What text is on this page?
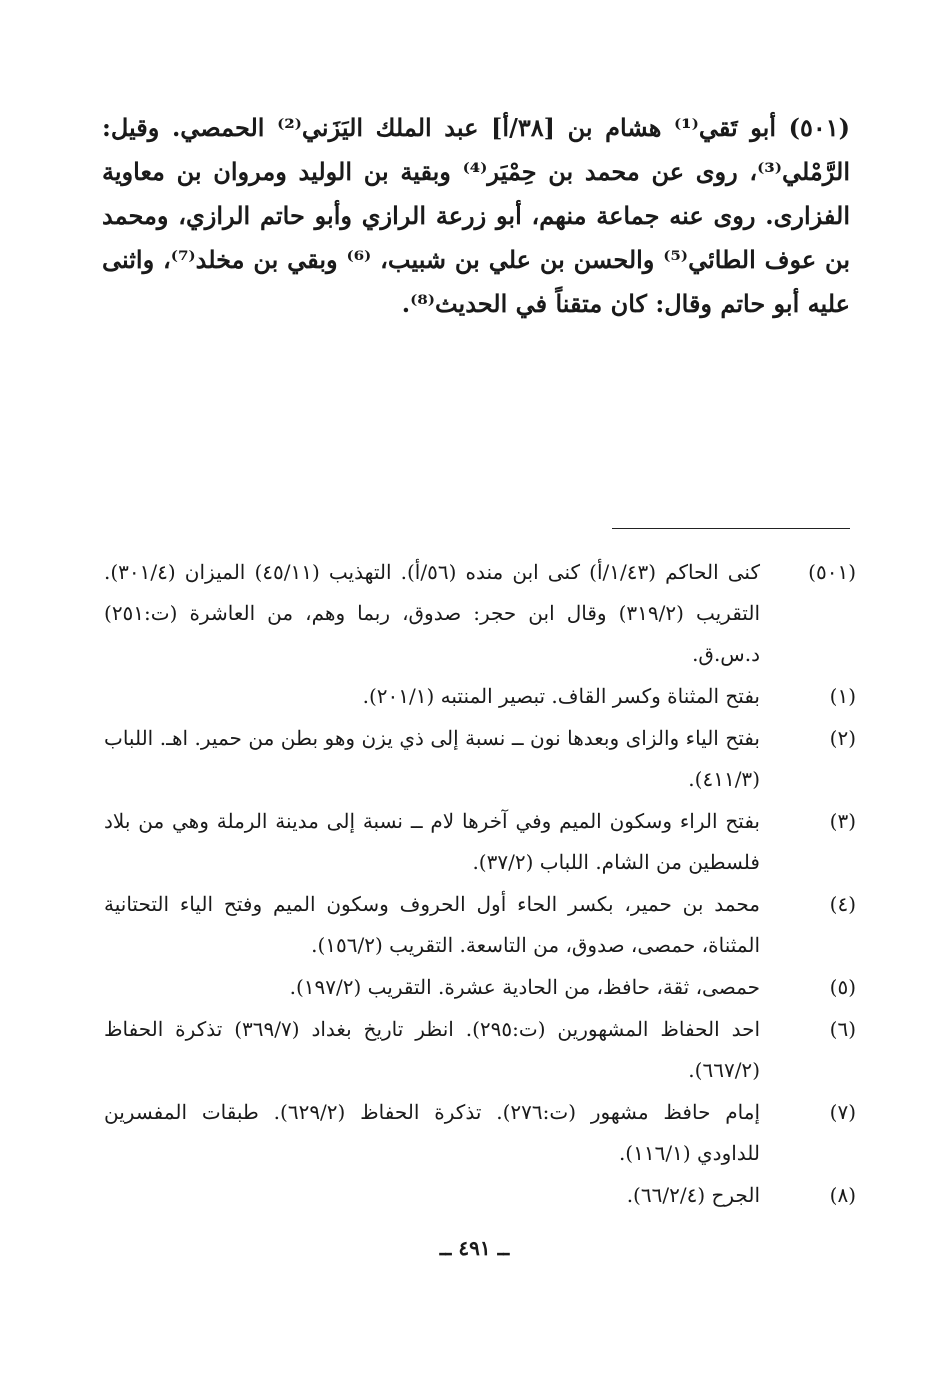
(٥٠١) أبو تَقي⁽¹⁾ هشام بن [٣٨/أ] عبد الملك اليَزَني⁽²⁾ الحمصي. وقيل: الرَّمْلي⁽³⁾، روى عن محمد بن حِمْيَر⁽⁴⁾ وبقية بن الوليد ومروان بن معاوية الفزارى. روى عنه جماعة منهم، أبو زرعة الرازي وأبو حاتم الرازي، ومحمد بن عوف الطائي⁽⁵⁾ والحسن بن علي بن شبيب، ⁽⁶⁾ وبقي بن مخلد⁽⁷⁾، واثنى عليه أبو حاتم وقال: كان متقناً في الحديث⁽⁸⁾.

(٥٠١)
كنى الحاكم (١/٤٣/أ) كنى ابن منده (٥٦/أ). التهذيب (٤٥/١١) الميزان (٣٠١/٤). التقريب (٣١٩/٢) وقال ابن حجر: صدوق، ربما وهم، من العاشرة (ت:٢٥١) د.س.ق.
(١)
بفتح المثناة وكسر القاف. تبصير المنتبه (٢٠١/١).
(٢)
بفتح الياء والزاى وبعدها نون ــ نسبة إلى ذي يزن وهو بطن من حمير. اهـ. اللباب (٤١١/٣).
(٣)
بفتح الراء وسكون الميم وفي آخرها لام ــ نسبة إلى مدينة الرملة وهي من بلاد فلسطين من الشام. اللباب (٣٧/٢).
(٤)
محمد بن حمير، بكسر الحاء أول الحروف وسكون الميم وفتح الياء التحتانية المثناة، حمصى، صدوق، من التاسعة. التقريب (١٥٦/٢).
(٥)
حمصى، ثقة، حافظ، من الحادية عشرة. التقريب (١٩٧/٢).
(٦)
احد الحفاظ المشهورين (ت:٢٩٥). انظر تاريخ بغداد (٣٦٩/٧) تذكرة الحفاظ (٦٦٧/٢).
(٧)
إمام حافظ مشهور (ت:٢٧٦). تذكرة الحفاظ (٦٢٩/٢). طبقات المفسرين للداودي (١١٦/١).
(٨)
الجرح (٦٦/٢/٤).
ــ ٤٩١ ــ
